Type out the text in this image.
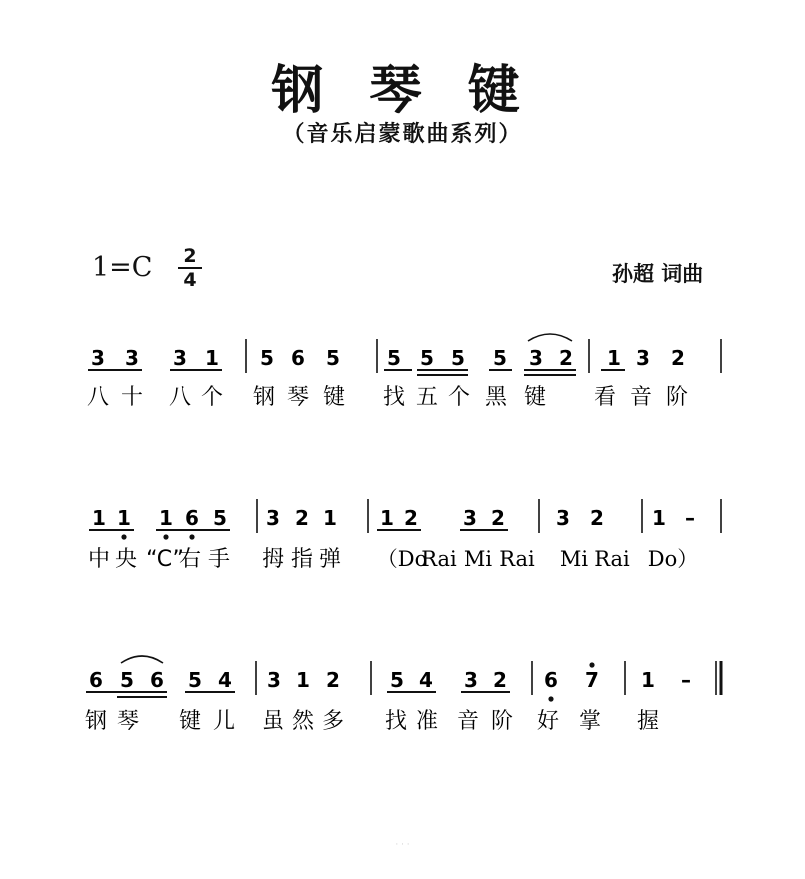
钢 琴 键
（音乐启蒙歌曲系列）
1=C 2
4	孙超 词曲
· · ·
3 3 3 1 5 6 5 5 5 5 5 3 2 1 3 2
八 十 八 个 钢 琴 键 找 五 个 黑 键 看 音 阶
1 1 1 6 5 3 2 1 1 2 3 2	3 2 1 –
中 央 “C”
右 手 拇 指 弹 （Do
Rai Mi Rai Mi Rai Do）
6 5 6 5 4 3 1 2	5 4 3 2 6 7 1 –
钢 琴 键 儿 虽 然 多 找 准 音 阶 好 掌 握
